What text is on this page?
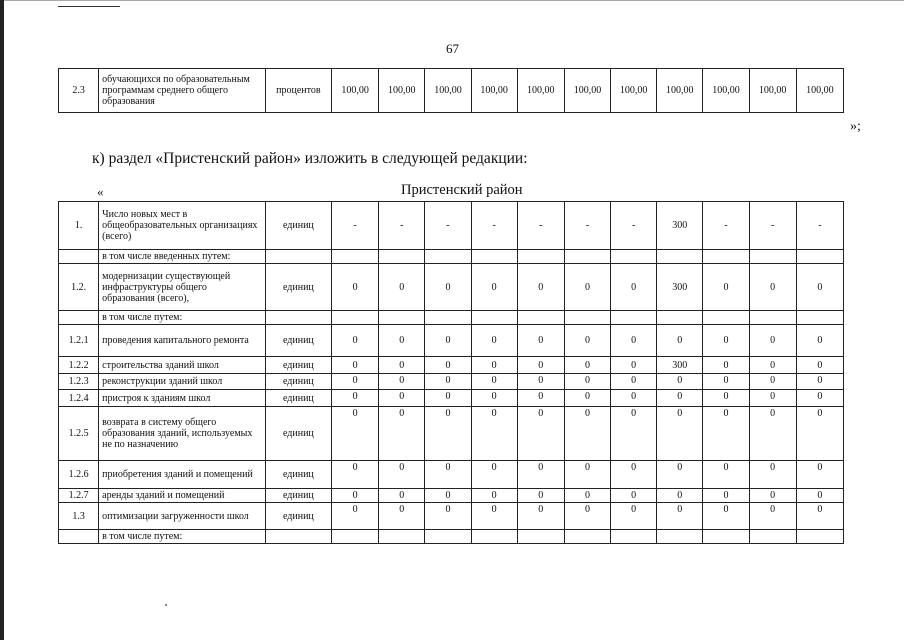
67
2.3	обучающихся по образовательным программам среднего общего образования	процентов	100,00	100,00	100,00	100,00	100,00	100,00	100,00	100,00	100,00	100,00	100,00
»;
к) раздел «Пристенский район» изложить в следующей редакции:
«	Пристенский район
1.	Число новых мест в общеобразовательных организациях (всего)	единиц	-	-	-	-	-	-	-	300	-	-	-
	в том числе введенных путем:												
1.2.	модернизации существующей инфраструктуры общего образования (всего),	единиц	0	0	0	0	0	0	0	300	0	0	0
	в том числе путем:												
1.2.1	проведения капитального ремонта	единиц	0	0	0	0	0	0	0	0	0	0	0
1.2.2	строительства зданий школ	единиц	0	0	0	0	0	0	0	300	0	0	0
1.2.3	реконструкции зданий школ	единиц	0	0	0	0	0	0	0	0	0	0	0
1.2.4	пристроя к зданиям школ	единиц	0	0	0	0	0	0	0	0	0	0	0
1.2.5	возврата в систему общего образования зданий, используемых не по назначению	единиц	0	0	0	0	0	0	0	0	0	0	0
1.2.6	приобретения зданий и помещений	единиц	0	0	0	0	0	0	0	0	0	0	0
1.2.7	аренды зданий и помещений	единиц	0	0	0	0	0	0	0	0	0	0	0
1.3	оптимизации загруженности школ	единиц	0	0	0	0	0	0	0	0	0	0	0
	в том числе путем:												
